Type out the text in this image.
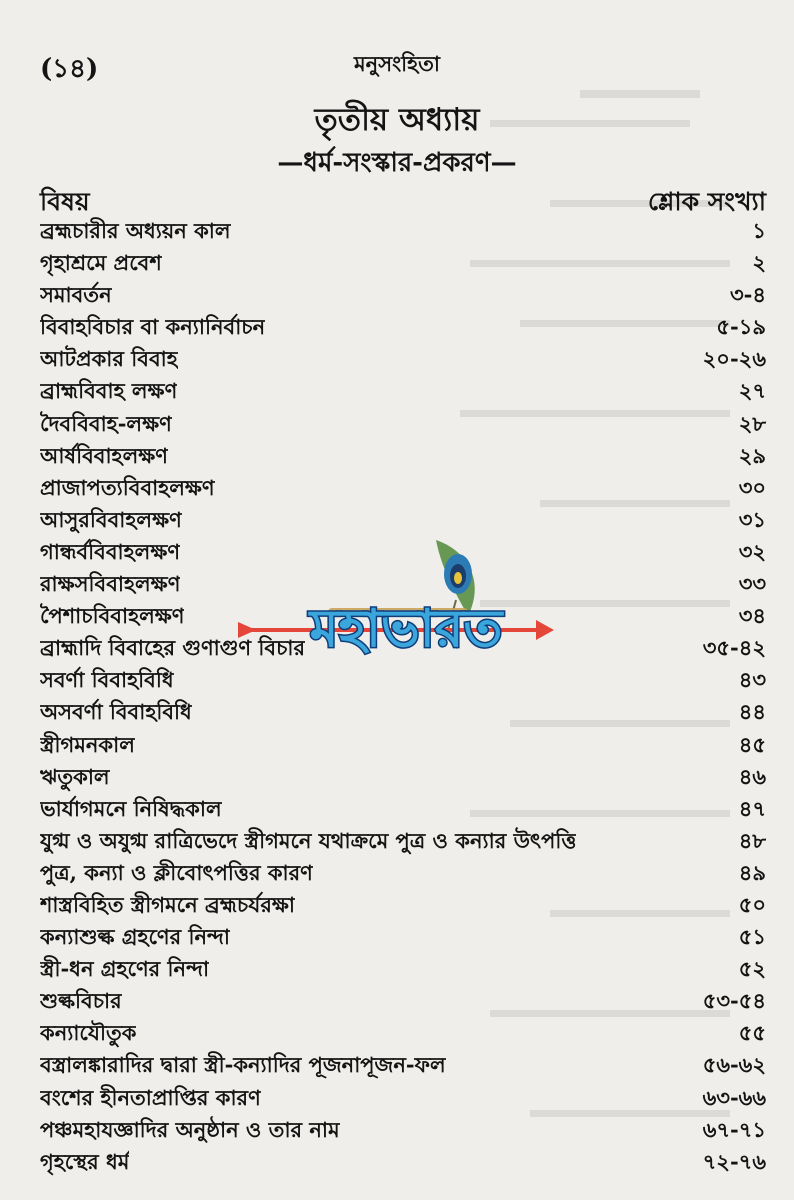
(১৪)	মনুসংহিতা
তৃতীয় অধ্যায়
—ধর্ম-সংস্কার-প্রকরণ—
বিষয়	শ্লোক সংখ্যা
ব্রহ্মচারীর অধ্যয়ন কাল	১
গৃহাশ্রমে প্রবেশ	২
সমাবর্তন	৩-৪
বিবাহবিচার বা কন্যানির্বাচন	৫-১৯
আটপ্রকার বিবাহ	২০-২৬
ব্রাহ্মবিবাহ লক্ষণ	২৭
দৈববিবাহ-লক্ষণ	২৮
আর্ষবিবাহলক্ষণ	২৯
প্রাজাপত্যবিবাহলক্ষণ	৩০
আসুরবিবাহলক্ষণ	৩১
গান্ধর্ববিবাহলক্ষণ	৩২
রাক্ষসবিবাহলক্ষণ	৩৩
পৈশাচবিবাহলক্ষণ	৩৪
ব্রাহ্মাদি বিবাহের গুণাগুণ বিচার	৩৫-৪২
সবর্ণা বিবাহবিধি	৪৩
অসবর্ণা বিবাহবিধি	৪৪
স্ত্রীগমনকাল	৪৫
ঋতুকাল	৪৬
ভার্যাগমনে নিষিদ্ধকাল	৪৭
যুগ্ম ও অযুগ্ম রাত্রিভেদে স্ত্রীগমনে যথাক্রমে পুত্র ও কন্যার উৎপত্তি	৪৮
পুত্র, কন্যা ও ক্লীবোৎপত্তির কারণ	৪৯
শাস্ত্রবিহিত স্ত্রীগমনে ব্রহ্মচর্যরক্ষা	৫০
কন্যাশুল্ক গ্রহণের নিন্দা	৫১
স্ত্রী-ধন গ্রহণের নিন্দা	৫২
শুল্কবিচার	৫৩-৫৪
কন্যাযৌতুক	৫৫
বস্ত্রালঙ্কারাদির দ্বারা স্ত্রী-কন্যাদির পূজনাপূজন-ফল	৫৬-৬২
বংশের হীনতাপ্রাপ্তির কারণ	৬৩-৬৬
পঞ্চমহাযজ্ঞাদির অনুষ্ঠান ও তার নাম	৬৭-৭১
গৃহস্থের ধর্ম	৭২-৭৬
মহাভারত
